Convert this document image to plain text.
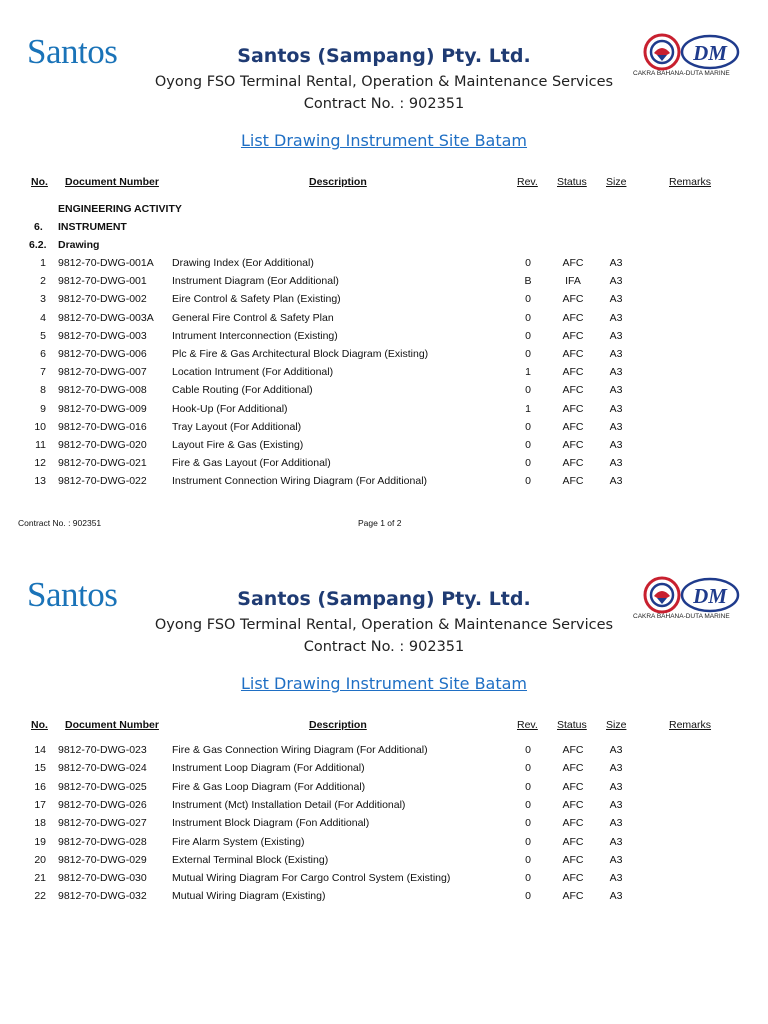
Santos	Santos (Sampang) Pty. Ltd.
Oyong FSO Terminal Rental, Operation & Maintenance Services
Contract No. : 902351
List Drawing Instrument Site Batam
DM
CAKRA BAHANA-DUTA MARINE
No. Document Number	Description	Rev. Status Size	Remarks
ENGINEERING ACTIVITY
6. INSTRUMENT
6.2. Drawing
1 9812-70-DWG-001A Drawing Index (Eor Additional)	0	AFC	A3
2 9812-70-DWG-001 Instrument Diagram (Eor Additional)	B	IFA	A3
3 9812-70-DWG-002 Eire Control & Safety Plan (Existing)	0	AFC	A3
4 9812-70-DWG-003A General Fire Control & Safety Plan	0	AFC	A3
5 9812-70-DWG-003 Intrument Interconnection (Existing)	0	AFC	A3
6 9812-70-DWG-006 Plc & Fire & Gas Architectural Block Diagram (Existing)	0	AFC	A3
7 9812-70-DWG-007 Location Intrument (For Additional)	1	AFC	A3
8 9812-70-DWG-008 Cable Routing (For Additional)	0	AFC	A3
9 9812-70-DWG-009 Hook-Up (For Additional)	1	AFC	A3
10 9812-70-DWG-016 Tray Layout (For Additional)	0	AFC	A3
11 9812-70-DWG-020 Layout Fire & Gas (Existing)	0	AFC	A3
12 9812-70-DWG-021 Fire & Gas Layout (For Additional)	0	AFC	A3
13 9812-70-DWG-022 Instrument Connection Wiring Diagram (For Additional)	0	AFC	A3
Contract No. : 902351	Page 1 of 2
Santos	Santos (Sampang) Pty. Ltd.
Oyong FSO Terminal Rental, Operation & Maintenance Services
Contract No. : 902351
List Drawing Instrument Site Batam
DM
CAKRA BAHANA-DUTA MARINE
No. Document Number	Description	Rev. Status Size	Remarks
14 9812-70-DWG-023 Fire & Gas Connection Wiring Diagram (For Additional)	0	AFC	A3
15 9812-70-DWG-024 Instrument Loop Diagram (For Additional)	0	AFC	A3
16 9812-70-DWG-025 Fire & Gas Loop Diagram (For Additional)	0	AFC	A3
17 9812-70-DWG-026 Instrument (Mct) Installation Detail (For Additional)	0	AFC	A3
18 9812-70-DWG-027 Instrument Block Diagram (Fon Additional)	0	AFC	A3
19 9812-70-DWG-028 Fire Alarm System (Existing)	0	AFC	A3
20 9812-70-DWG-029 External Terminal Block (Existing)	0	AFC	A3
21 9812-70-DWG-030 Mutual Wiring Diagram For Cargo Control System (Existing)	0	AFC	A3
22 9812-70-DWG-032 Mutual Wiring Diagram (Existing)	0	AFC	A3
